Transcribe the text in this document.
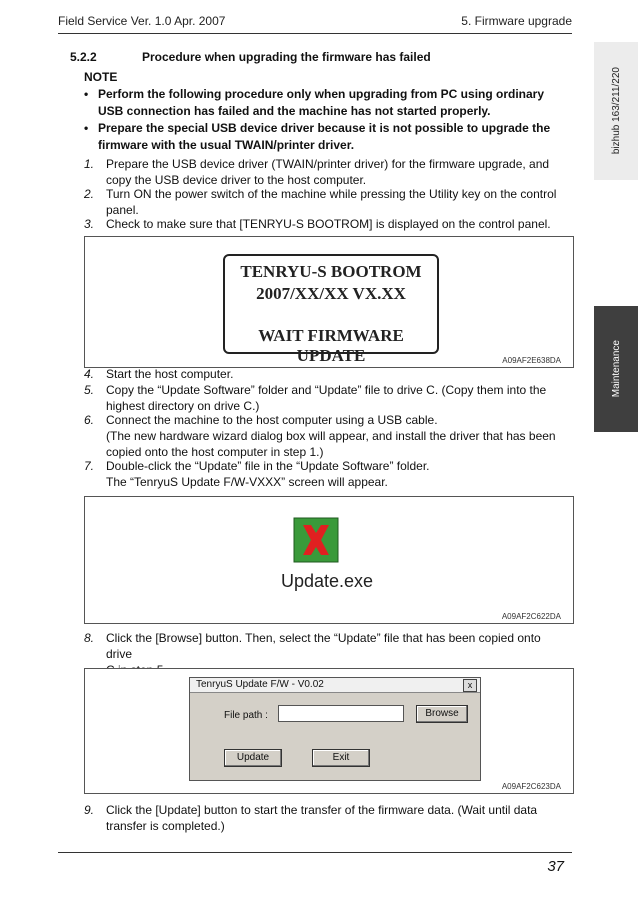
Field Service Ver. 1.0 Apr. 2007	5. Firmware upgrade
bizhub 163/211/220
Maintenance
5.2.2	Procedure when upgrading the firmware has failed
NOTE
• Perform the following procedure only when upgrading from PC using ordinary
USB connection has failed and the machine has not started properly.
• Prepare the special USB device driver because it is not possible to upgrade the
firmware with the usual TWAIN/printer driver.
1. Prepare the USB device driver (TWAIN/printer driver) for the firmware upgrade, and
copy the USB device driver to the host computer.
2. Turn ON the power switch of the machine while pressing the Utility key on the control
panel.
3. Check to make sure that [TENRYU-S BOOTROM] is displayed on the control panel.
TENRYU-S BOOTROM
2007/XX/XX VX.XX
WAIT FIRMWARE UPDATE	A09AF2E638DA
4. Start the host computer.
5. Copy the “Update Software” folder and “Update” file to drive C. (Copy them into the
highest directory on drive C.)
6. Connect the machine to the host computer using a USB cable.
(The new hardware wizard dialog box will appear, and install the driver that has been
copied onto the host computer in step 1.)
7. Double-click the “Update” file in the “Update Software” folder.
The “TenryuS Update F/W-VXXX” screen will appear.
Update.exe
A09AF2C622DA
8. Click the [Browse] button. Then, select the “Update” file that has been copied onto drive
TenryuS Update F/W - V0.02	x
File path :	Browse
Update	Exit
A09AF2C623DA
9. Click the [Update] button to start the transfer of the firmware data. (Wait until data
transfer is completed.)
37
